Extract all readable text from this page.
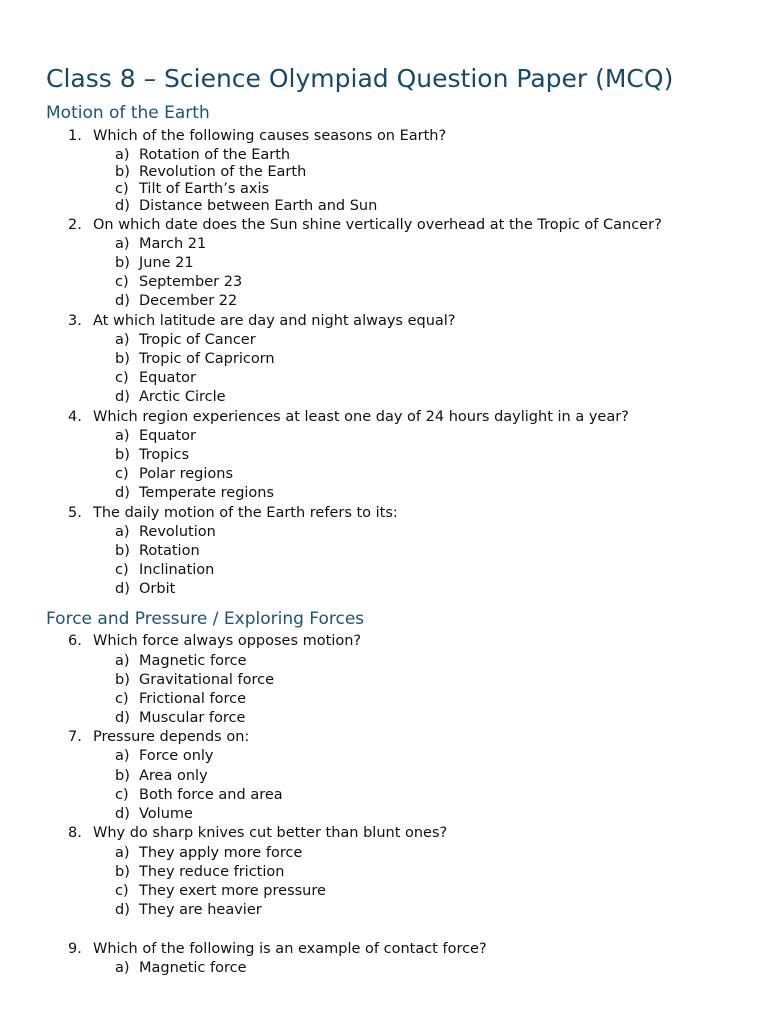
Class 8 – Science Olympiad Question Paper (MCQ)
Motion of the Earth
1. Which of the following causes seasons on Earth?
a) Rotation of the Earth
b) Revolution of the Earth
c) Tilt of Earth’s axis
d) Distance between Earth and Sun
2. On which date does the Sun shine vertically overhead at the Tropic of Cancer?
a) March 21
b) June 21
c) September 23
d) December 22
3. At which latitude are day and night always equal?
a) Tropic of Cancer
b) Tropic of Capricorn
c) Equator
d) Arctic Circle
4. Which region experiences at least one day of 24 hours daylight in a year?
a) Equator
b) Tropics
c) Polar regions
d) Temperate regions
5. The daily motion of the Earth refers to its:
a) Revolution
b) Rotation
c) Inclination
d) Orbit
Force and Pressure / Exploring Forces
6. Which force always opposes motion?
a) Magnetic force
b) Gravitational force
c) Frictional force
d) Muscular force
7. Pressure depends on:
a) Force only
b) Area only
c) Both force and area
d) Volume
8. Why do sharp knives cut better than blunt ones?
a) They apply more force
b) They reduce friction
c) They exert more pressure
d) They are heavier
9. Which of the following is an example of contact force?
a) Magnetic force
